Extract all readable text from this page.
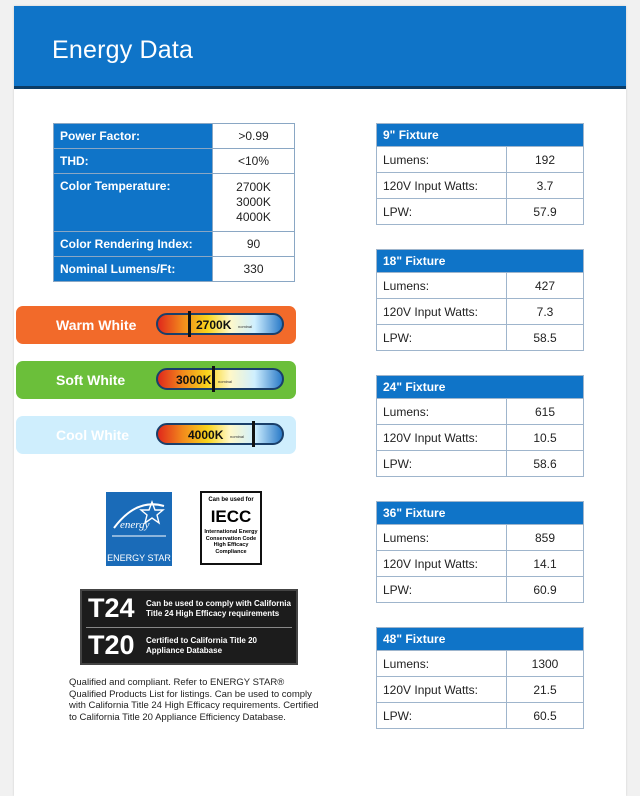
Energy Data
Power Factor:	>0.99
THD:	<10%
Color Temperature:	2700K
3000K
4000K

Color Rendering Index:	90
Nominal Lumens/Ft:	330
Warm White	2700K nominal
Soft White	3000K nominal
Cool White	4000K nominal
energy
ENERGY STAR
Can be used for
IECC
International Energy
Conservation Code
High Efficacy
Compliance
T24 Can be used to comply with California Title 24 High Efficacy requirements
T20 Certified to California Title 20 Appliance Database
Qualified and compliant. Refer to ENERGY STAR® Qualified Products List for listings. Can be used to comply with California Title 24 High Efficacy requirements. Certified to California Title 20 Appliance Efficiency Database.
9" Fixture	
Lumens:	192
120V Input Watts:	3.7
LPW:	57.9
18" Fixture	
Lumens:	427
120V Input Watts:	7.3
LPW:	58.5
24" Fixture	
Lumens:	615
120V Input Watts:	10.5
LPW:	58.6
36" Fixture	
Lumens:	859
120V Input Watts:	14.1
LPW:	60.9
48" Fixture	
Lumens:	1300
120V Input Watts:	21.5
LPW:	60.5
